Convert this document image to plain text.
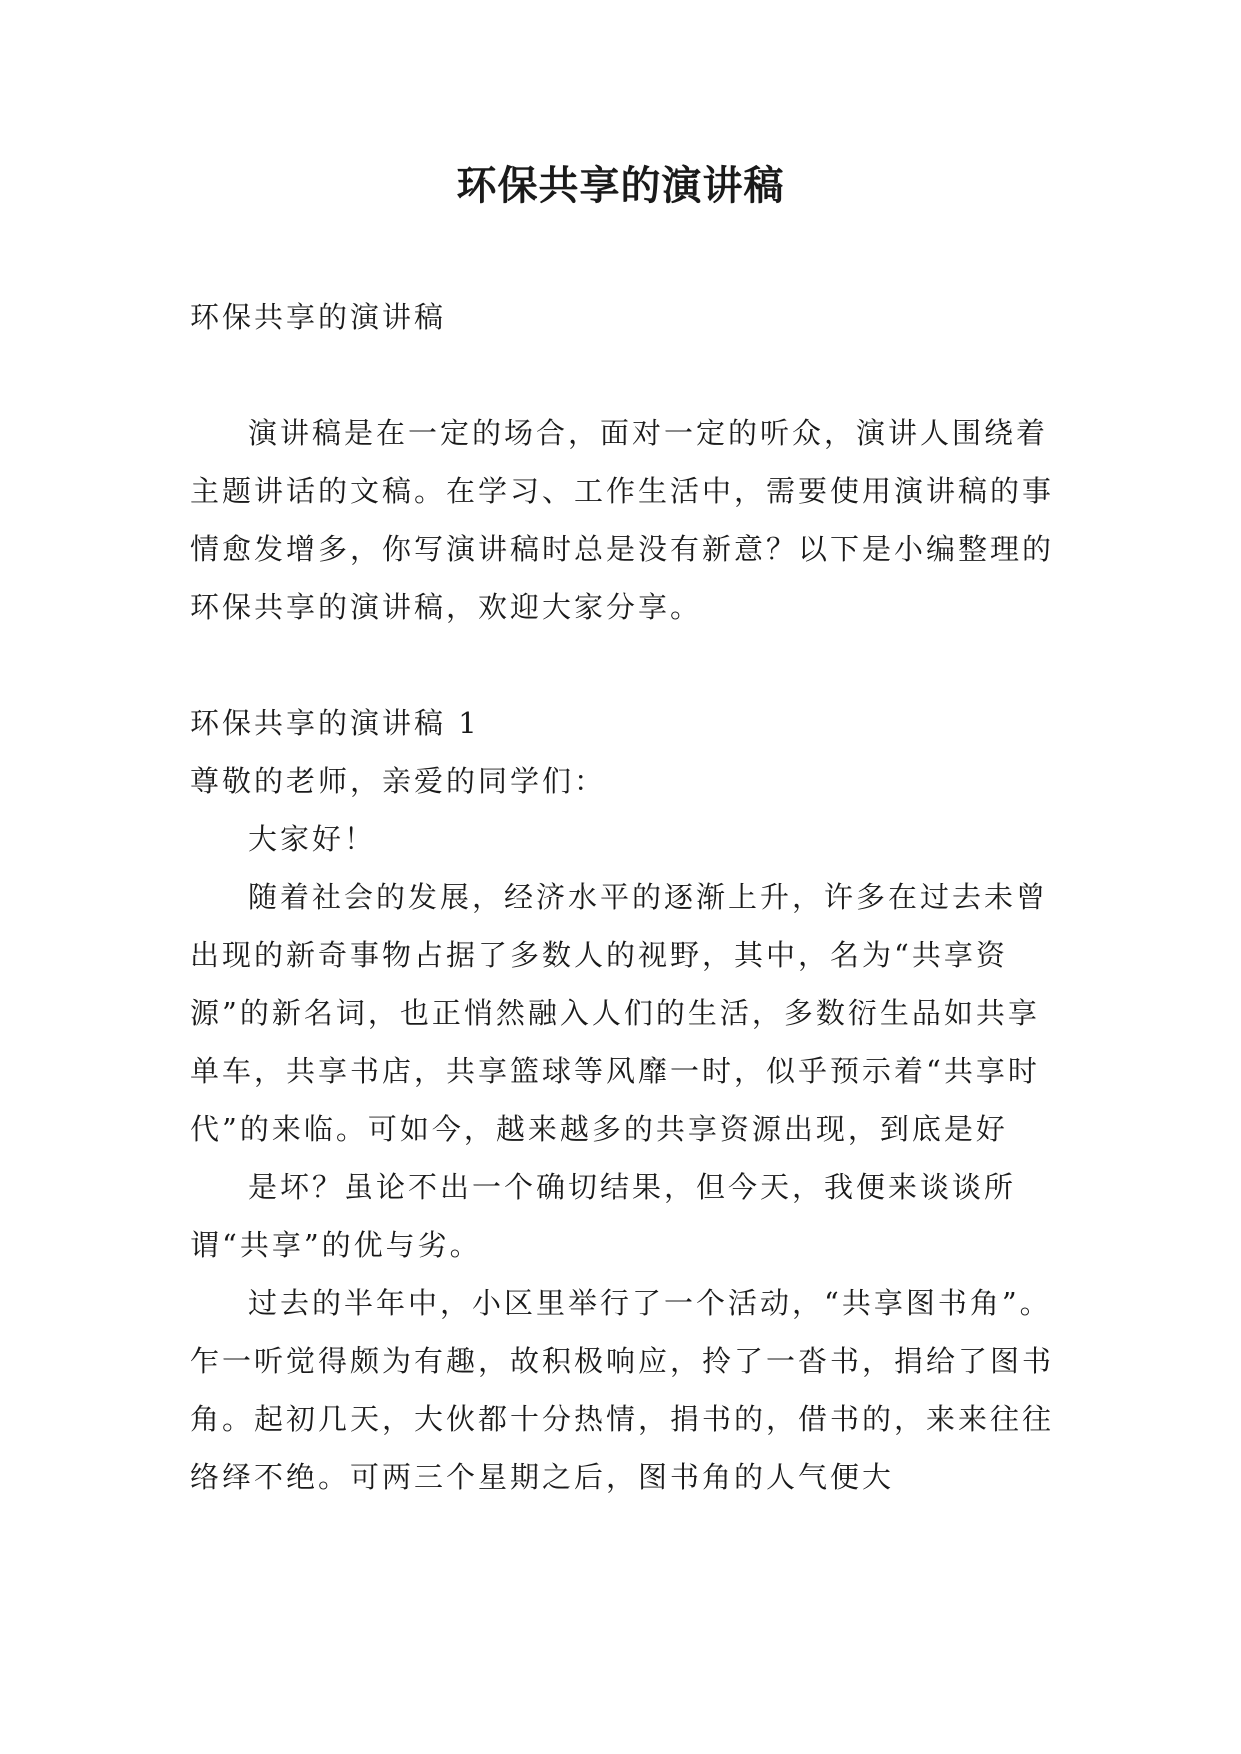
环保共享的演讲稿

环保共享的演讲稿

演讲稿是在一定的场合，面对一定的听众，演讲人围绕着主题讲话的文稿。在学习、工作生活中，需要使用演讲稿的事情愈发增多，你写演讲稿时总是没有新意？以下是小编整理的环保共享的演讲稿，欢迎大家分享。

环保共享的演讲稿 1

尊敬的老师，亲爱的同学们：

大家好！

随着社会的发展，经济水平的逐渐上升，许多在过去未曾出现的新奇事物占据了多数人的视野，其中，名为“共享资源”的新名词，也正悄然融入人们的生活，多数衍生品如共享单车，共享书店，共享篮球等风靡一时，似乎预示着“共享时代”的来临。可如今，越来越多的共享资源出现，到底是好

是坏？虽论不出一个确切结果，但今天，我便来谈谈所谓“共享”的优与劣。

过去的半年中，小区里举行了一个活动，“共享图书角”。乍一听觉得颇为有趣，故积极响应，拎了一沓书，捐给了图书角。起初几天，大伙都十分热情，捐书的，借书的，来来往往络绎不绝。可两三个星期之后，图书角的人气便大
